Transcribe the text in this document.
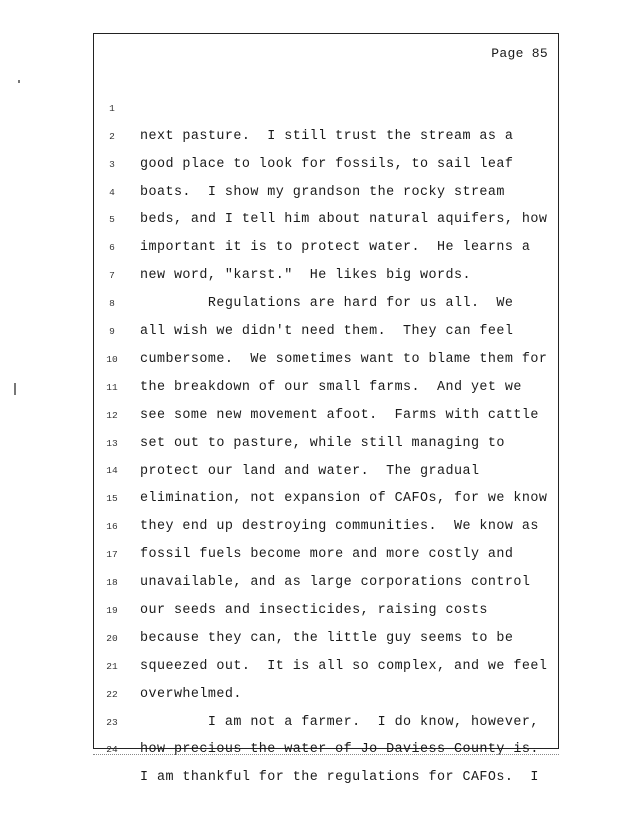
Page 85

1

next pasture.  I still trust the stream as a

2

good place to look for fossils, to sail leaf

3

boats.  I show my grandson the rocky stream

4

beds, and I tell him about natural aquifers, how

5

important it is to protect water.  He learns a

6

new word, "karst."  He likes big words.

7

Regulations are hard for us all.  We

8

all wish we didn't need them.  They can feel

9

cumbersome.  We sometimes want to blame them for

10

the breakdown of our small farms.  And yet we

11

see some new movement afoot.  Farms with cattle

12

set out to pasture, while still managing to

13

protect our land and water.  The gradual

14

elimination, not expansion of CAFOs, for we know

15

they end up destroying communities.  We know as

16

fossil fuels become more and more costly and

17

unavailable, and as large corporations control

18

our seeds and insecticides, raising costs

19

because they can, the little guy seems to be

20

squeezed out.  It is all so complex, and we feel

21

overwhelmed.

22

I am not a farmer.  I do know, however,

23

how precious the water of Jo Daviess County is.

24

I am thankful for the regulations for CAFOs.  I
